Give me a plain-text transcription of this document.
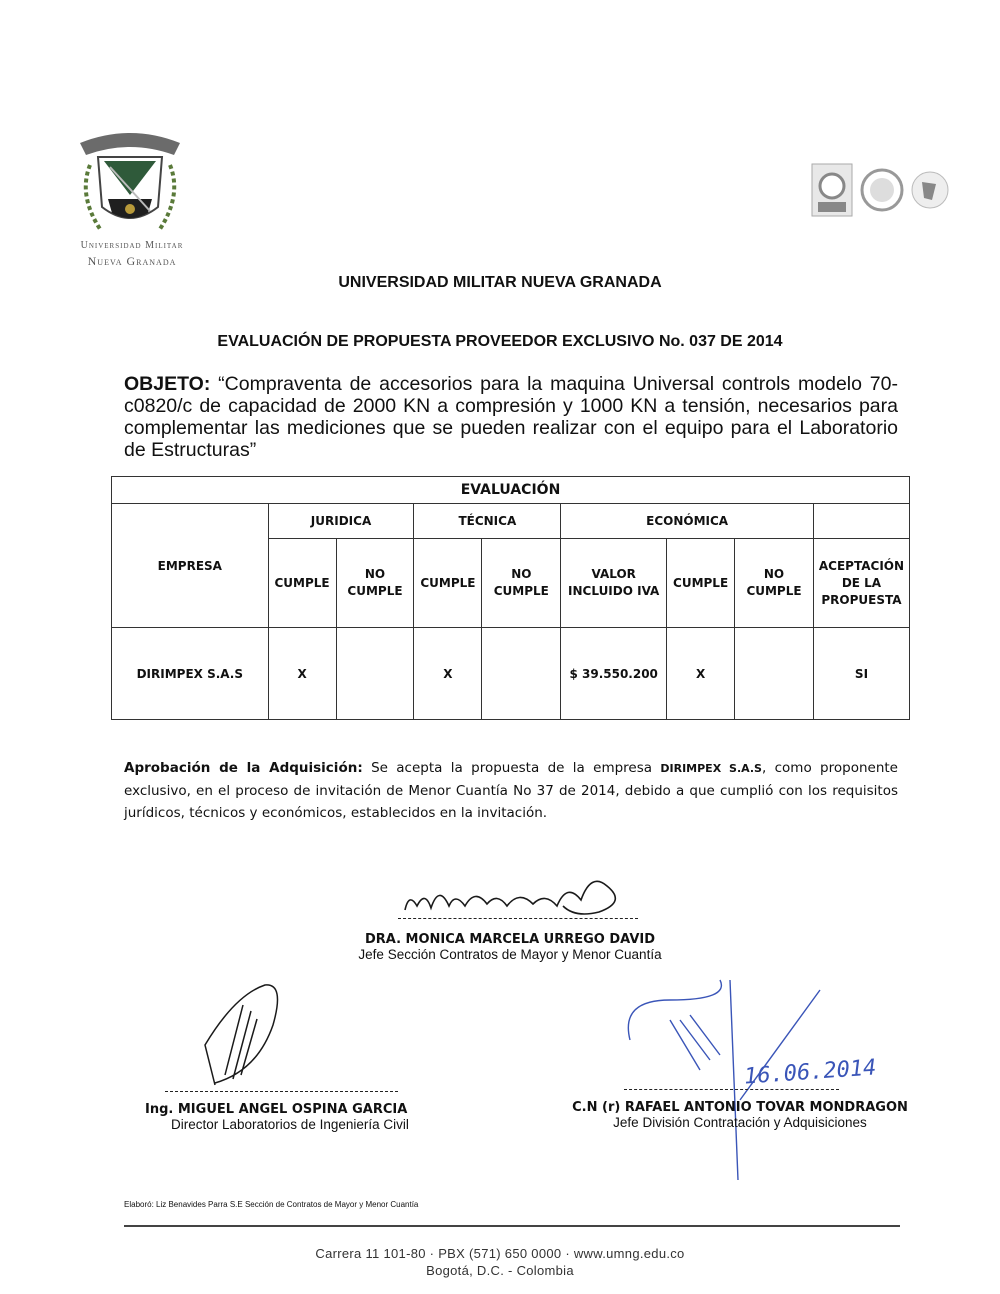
Universidad Militar
Nueva Granada
UNIVERSIDAD MILITAR NUEVA GRANADA
EVALUACIÓN DE PROPUESTA PROVEEDOR EXCLUSIVO No. 037 DE 2014
OBJETO: “Compraventa de accesorios para la maquina Universal controls modelo 70-c0820/c de capacidad de 2000 KN a compresión y 1000 KN a tensión, necesarios para complementar las mediciones que se pueden realizar con el equipo para el Laboratorio de Estructuras”
EVALUACIÓN								
EMPRESA	JURIDICA		TÉCNICA		ECONÓMICA			
	CUMPLE	NO CUMPLE	CUMPLE	NO CUMPLE	VALOR INCLUIDO IVA	CUMPLE	NO CUMPLE	ACEPTACIÓN DE LA PROPUESTA
DIRIMPEX S.A.S	X		X		$ 39.550.200	X		SI
Aprobación de la Adquisición: Se acepta la propuesta de la empresa DIRIMPEX S.A.S, como proponente exclusivo, en el proceso de invitación de Menor Cuantía No 37 de 2014, debido a que cumplió con los requisitos jurídicos, técnicos y económicos, establecidos en la invitación.
DRA. MONICA MARCELA URREGO DAVID
Jefe Sección Contratos de Mayor y Menor Cuantía
Ing. MIGUEL ANGEL OSPINA GARCIA
Director Laboratorios de Ingeniería Civil
16.06.2014
C.N (r) RAFAEL ANTONIO TOVAR MONDRAGON
Jefe División Contratación y Adquisiciones
Elaboró: Liz Benavides Parra S.E Sección de Contratos de Mayor y Menor Cuantía
Carrera 11 101-80 · PBX (571) 650 0000 · www.umng.edu.co
Bogotá, D.C. - Colombia
